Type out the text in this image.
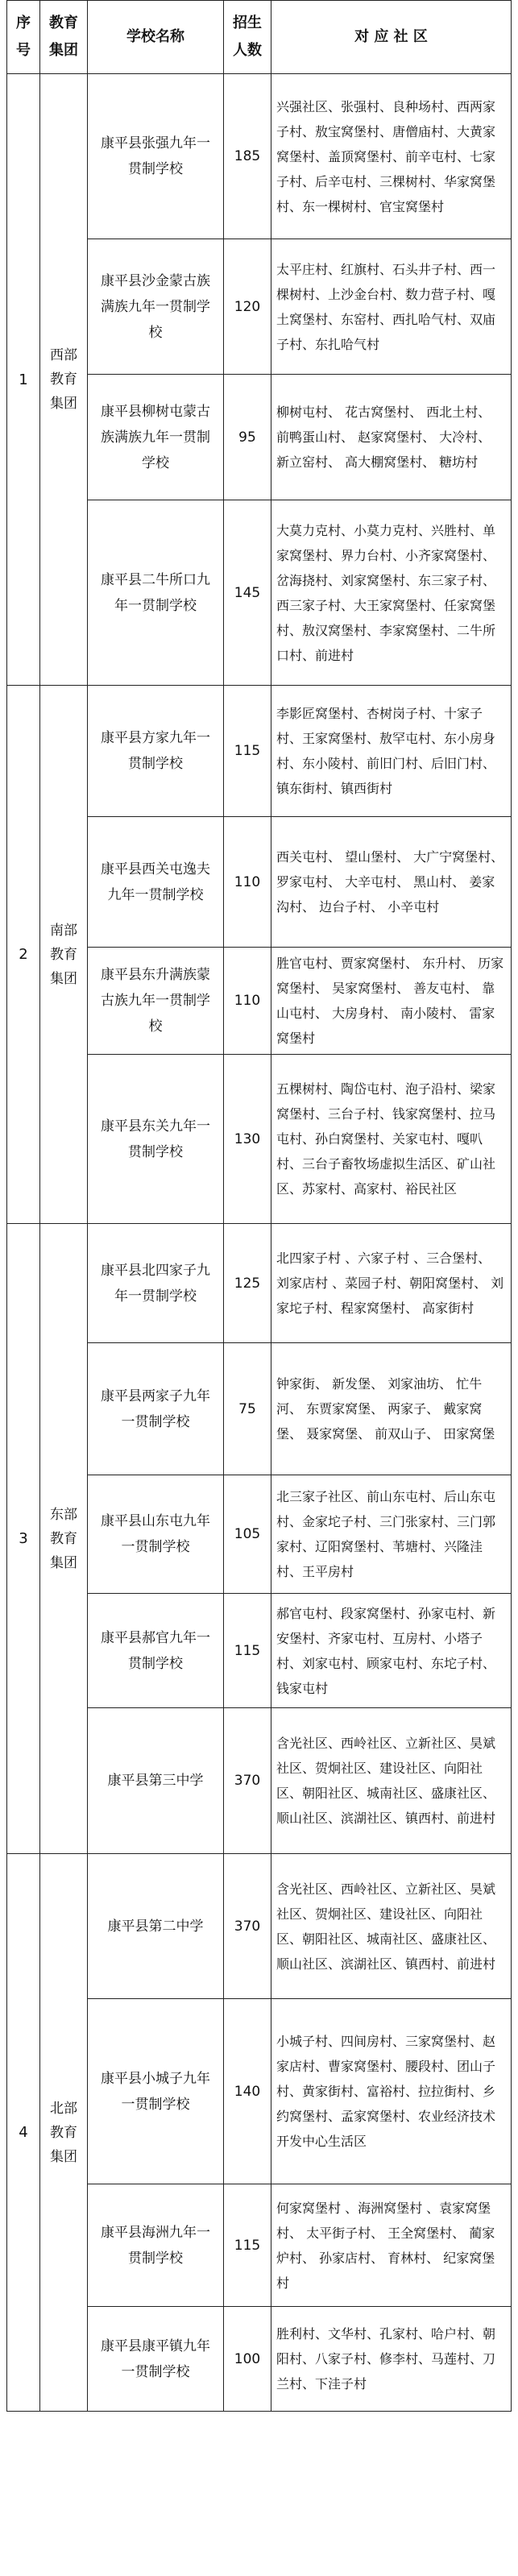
序号	教育集团	学校名称	招生人数	对 应 社 区
1	西部教育集团	康平县张强九年一贯制学校	185	兴强社区、张强村、良种场村、西两家子村、敖宝窝堡村、唐僧庙村、大黄家窝堡村、盖顶窝堡村、前辛屯村、七家子村、后辛屯村、三棵树村、华家窝堡村、东一棵树村、官宝窝堡村

		康平县沙金蒙古族满族九年一贯制学校	120	太平庄村、红旗村、石头井子村、西一棵树村、上沙金台村、数力营子村、嘎土窝堡村、东窑村、西扎哈气村、双庙子村、东扎哈气村

		康平县柳树屯蒙古族满族九年一贯制学校	95	柳树屯村、 花古窝堡村、 西北土村、 前鸭蛋山村、 赵家窝堡村、 大冷村、 新立窑村、 高大棚窝堡村、 糖坊村

		康平县二牛所口九年一贯制学校	145	大莫力克村、小莫力克村、兴胜村、单家窝堡村、界力台村、小齐家窝堡村、岔海挠村、刘家窝堡村、东三家子村、西三家子村、大王家窝堡村、任家窝堡村、敖汉窝堡村、李家窝堡村、二牛所口村、前进村
2	南部教育集团	康平县方家九年一贯制学校	115	李影匠窝堡村、杏树岗子村、十家子村、王家窝堡村、敖罕屯村、东小房身村、东小陵村、前旧门村、后旧门村、镇东街村、镇西街村

		康平县西关屯逸夫九年一贯制学校	110	西关屯村、 望山堡村、 大广宁窝堡村、 罗家屯村、 大辛屯村、 黑山村、 姜家沟村、 边台子村、 小辛屯村

		康平县东升满族蒙古族九年一贯制学校	110	胜官屯村、贾家窝堡村、 东升村、 历家窝堡村、 吴家窝堡村、 善友屯村、 靠山屯村、 大房身村、 南小陵村、 雷家窝堡村

		康平县东关九年一贯制学校	130	五棵树村、陶岱屯村、泡子沿村、梁家窝堡村、三台子村、钱家窝堡村、拉马屯村、孙白窝堡村、关家屯村、嘎叭村、三台子畜牧场虚拟生活区、矿山社区、苏家村、高家村、裕民社区
3	东部教育集团	康平县北四家子九年一贯制学校	125	北四家子村 、六家子村 、三合堡村、 刘家店村 、菜园子村、朝阳窝堡村、 刘家坨子村、程家窝堡村、 高家街村

		康平县两家子九年一贯制学校	75	钟家街、 新发堡、 刘家油坊、 忙牛河、 东贾家窝堡、 两家子、 戴家窝堡、 聂家窝堡、 前双山子、 田家窝堡

		康平县山东屯九年一贯制学校	105	北三家子社区、前山东屯村、后山东屯村、金家坨子村、三门张家村、三门郭家村、辽阳窝堡村、苇塘村、兴隆洼村、王平房村

		康平县郝官九年一贯制学校	115	郝官屯村、段家窝堡村、孙家屯村、新安堡村、齐家屯村、互房村、小塔子村、刘家屯村、顾家屯村、东坨子村、钱家屯村

		康平县第三中学	370	含光社区、西岭社区、立新社区、昊斌社区、贺炯社区、建设社区、向阳社区、朝阳社区、城南社区、盛康社区、顺山社区、滨湖社区、镇西村、前进村
4	北部教育集团	康平县第二中学	370	含光社区、西岭社区、立新社区、昊斌社区、贺炯社区、建设社区、向阳社区、朝阳社区、城南社区、盛康社区、顺山社区、滨湖社区、镇西村、前进村

		康平县小城子九年一贯制学校	140	小城子村、四间房村、三家窝堡村、赵家店村、曹家窝堡村、腰段村、团山子村、黄家街村、富裕村、拉拉街村、乡约窝堡村、孟家窝堡村、农业经济技术开发中心生活区

		康平县海洲九年一贯制学校	115	何家窝堡村 、海洲窝堡村 、袁家窝堡村、 太平街子村、 王全窝堡村、 蔺家炉村、 孙家店村、 育林村、 纪家窝堡村

		康平县康平镇九年一贯制学校	100	胜利村、文华村、孔家村、哈户村、朝阳村、八家子村、修李村、马莲村、刀兰村、下洼子村
